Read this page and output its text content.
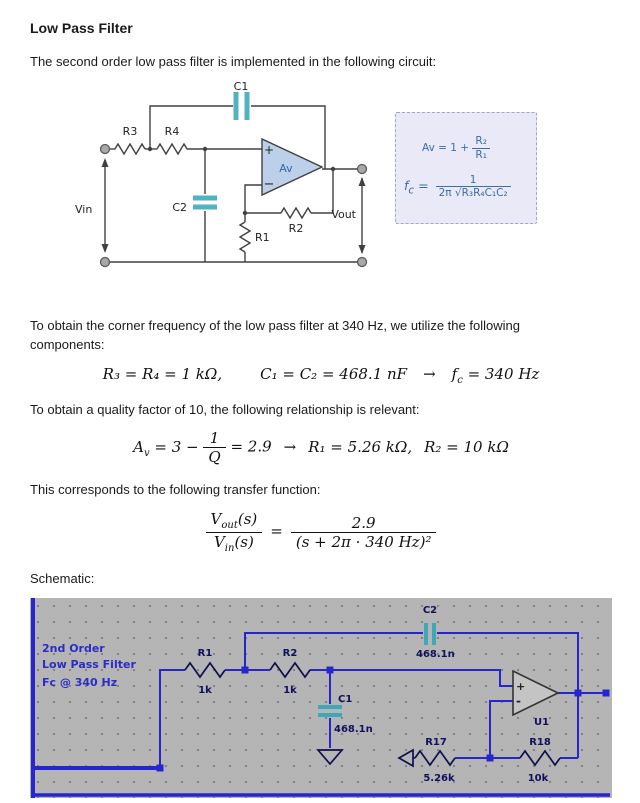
Low Pass Filter

The second order low pass filter is implemented in the following circuit:

C1
R3 R4
C2
R1
R2
Vin	Vout
Av
+
−
$Av = 1 + \frac{\text{R₂}}{\text{R₁}}$
$f_c = \frac{1}{\text{2π √R₃R₄C₁C₂}}$

To obtain the corner frequency of the low pass filter at 340 Hz, we utilize the following components:

R₃ = R₄ = 1 kΩ,	C₁ = C₂ = 468.1 nF → $f_c = 340$ Hz

To obtain a quality factor of 10, the following relationship is relevant:

$A_v = 3 - \frac{1}{Q} = 2.9 \to R_1 = 5.26$ kΩ, R₂ = 10 kΩ

This corresponds to the following transfer function:

$\frac{V_{out}(s)}{V_{in}(s)} = \frac{2.9}{\text{(s + 2π · 340 Hz)²}}$

Schematic:

2nd Order
Low Pass Filter
Fc @ 340 Hz
R1
1k
R2
1k
C1
468.1n
C2
468.1n
R17
5.26k
R18
10k
U1
+
-
